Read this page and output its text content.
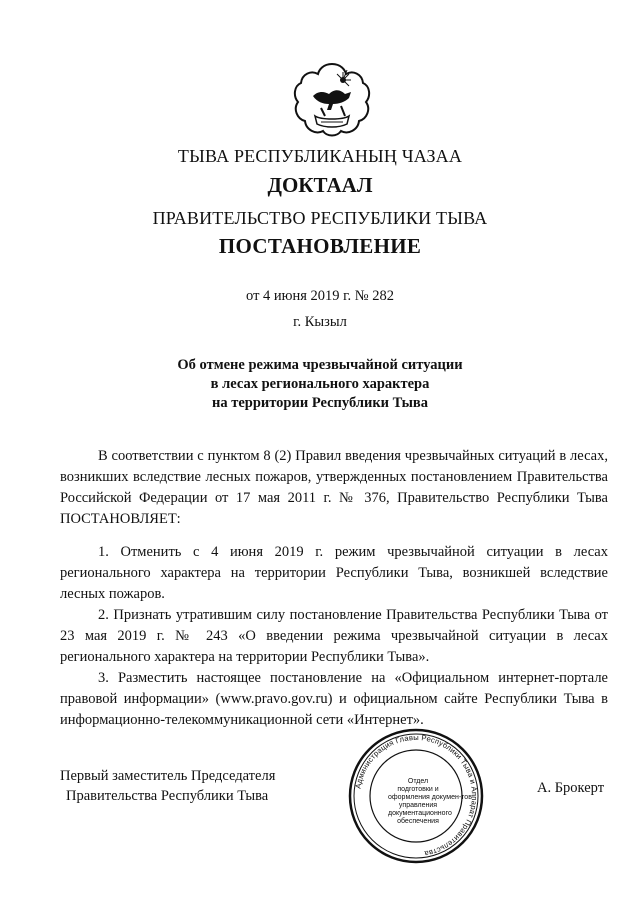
ТЫВА РЕСПУБЛИКАНЫҢ ЧАЗАА
ДОКТААЛ
ПРАВИТЕЛЬСТВО РЕСПУБЛИКИ ТЫВА
ПОСТАНОВЛЕНИЕ
от 4 июня 2019 г. № 282
г. Кызыл
Об отмене режима чрезвычайной ситуации
в лесах регионального характера
на территории Республики Тыва

В соответствии с пунктом 8 (2) Правил введения чрезвычайных ситуаций в лесах, возникших вследствие лесных пожаров, утвержденных постановлением Правительства Российской Федерации от 17 мая 2011 г. № 376, Правительство Республики Тыва ПОСТАНОВЛЯЕТ:

1. Отменить с 4 июня 2019 г. режим чрезвычайной ситуации в лесах регионального характера на территории Республики Тыва, возникшей вследствие лесных пожаров.

2. Признать утратившим силу постановление Правительства Республики Тыва от 23 мая 2019 г. № 243 «О введении режима чрезвычайной ситуации в лесах регионального характера на территории Республики Тыва».

3. Разместить настоящее постановление на «Официальном интернет-портале правовой информации» (www.pravo.gov.ru) и официальном сайте Республики Тыва в информационно-телекоммуникационной сети «Интернет».

Первый заместитель Председателя
Правительства Республики Тыва
Администрация Главы Республики Тыва и Аппарат Правительства
Отдел
подготовки и
оформления докумен-тов
управления
документационного
обеспечения
А. Брокерт
